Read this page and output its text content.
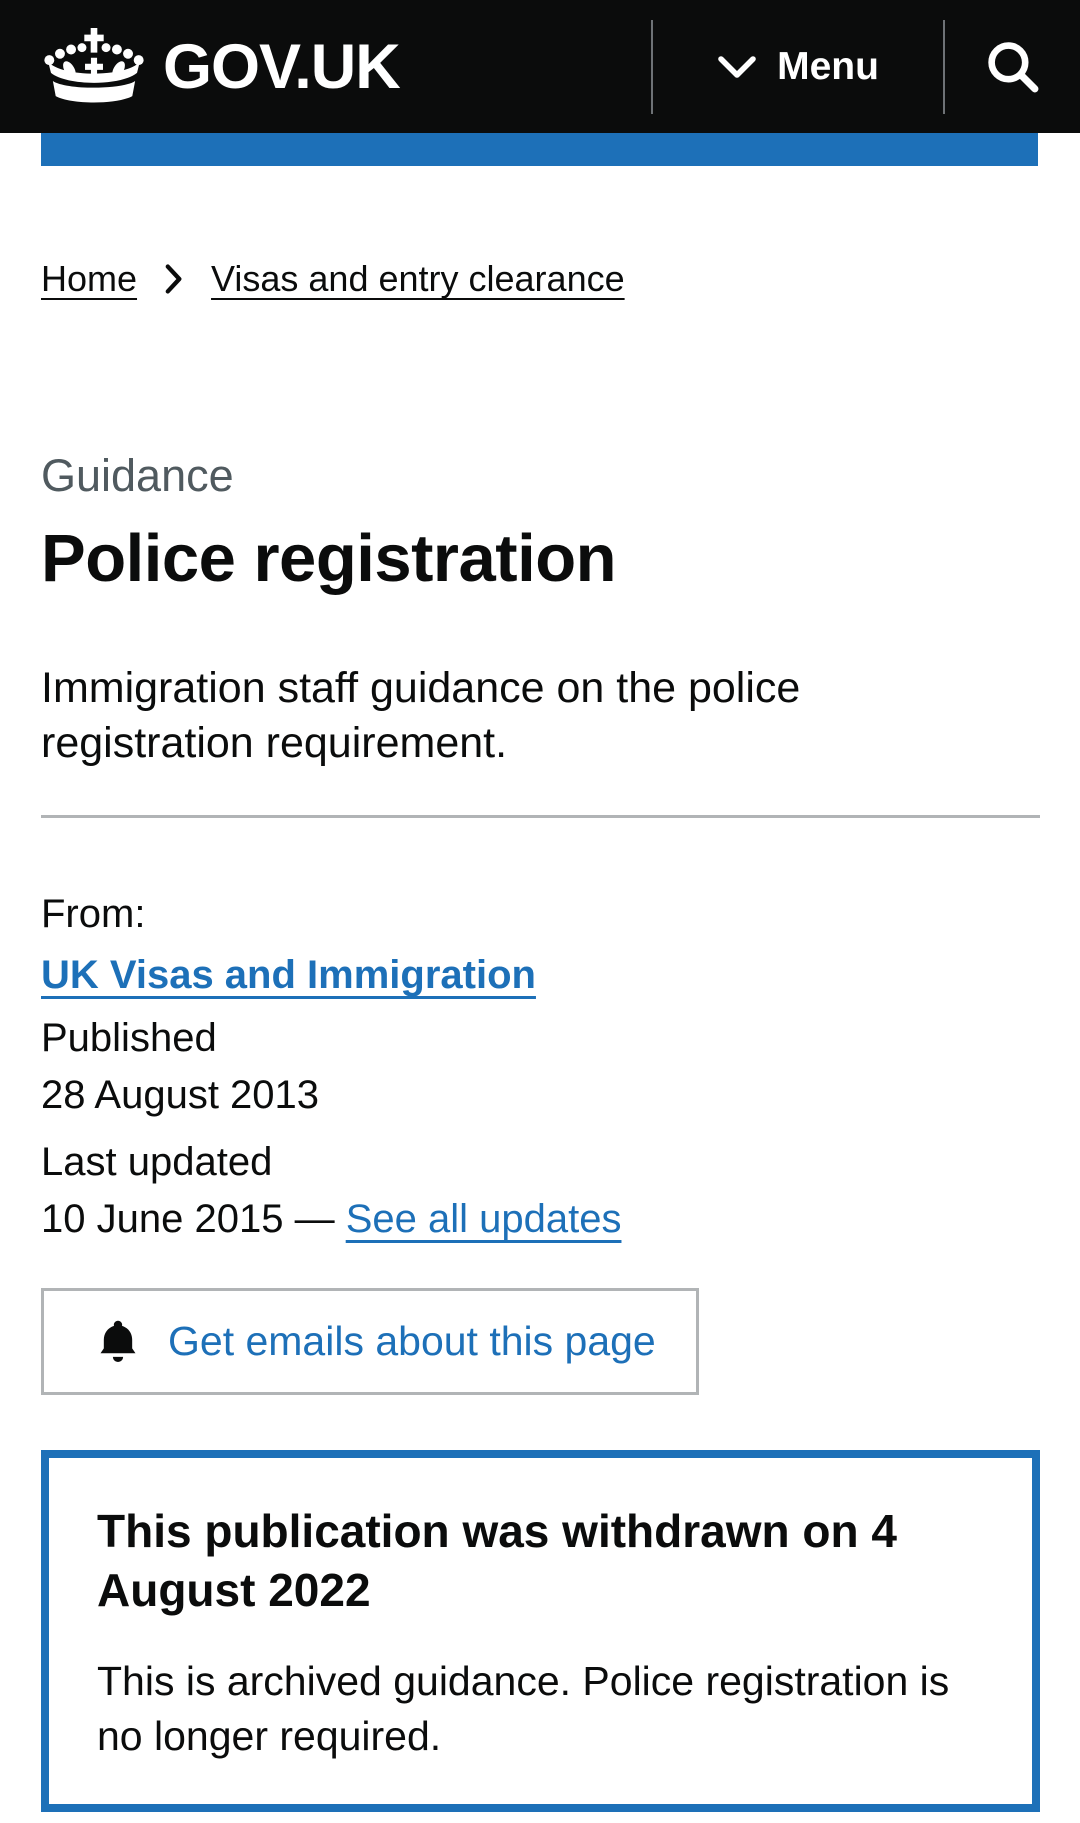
GOV.UK	Menu
Home Visas and entry clearance

Guidance

Police registration

Immigration staff guidance on the police registration requirement.

From:
UK Visas and Immigration
Published
28 August 2013
Last updated
10 June 2015 — See all updates
Get emails about this page
This publication was withdrawn on 4 August 2022

This is archived guidance. Police registration is no longer required.
